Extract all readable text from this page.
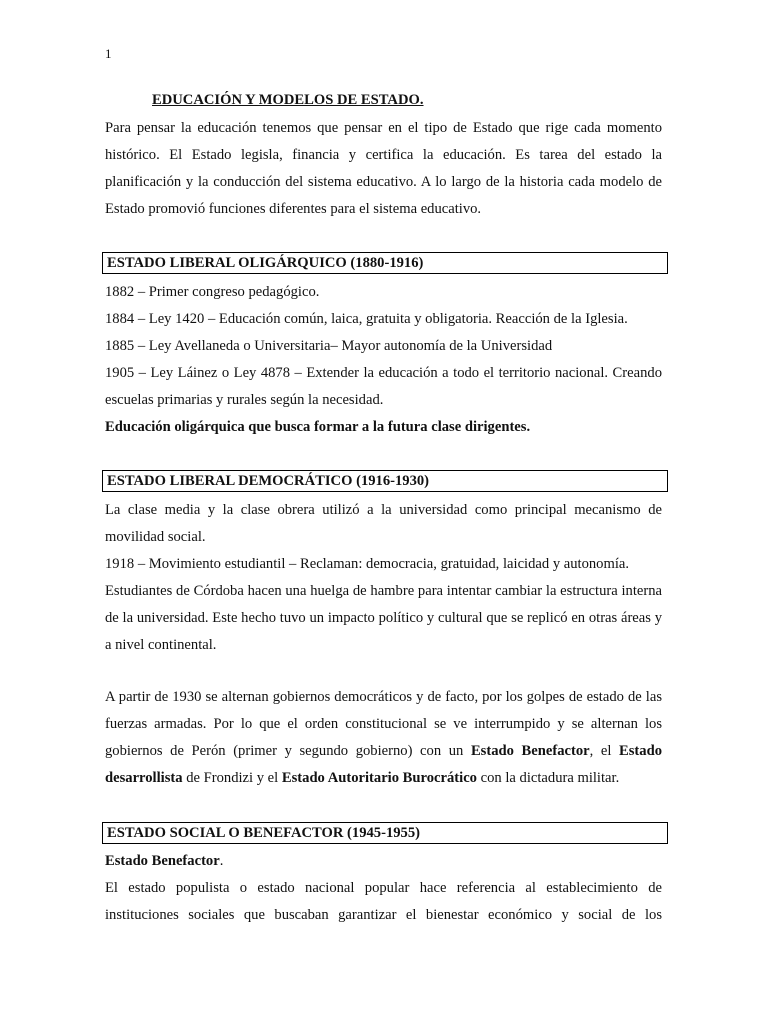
1
EDUCACIÓN Y MODELOS DE ESTADO.

Para pensar la educación tenemos que pensar en el tipo de Estado que rige cada momento histórico. El Estado legisla, financia y certifica la educación. Es tarea del estado la planificación y la conducción del sistema educativo. A lo largo de la historia cada modelo de Estado promovió funciones diferentes para el sistema educativo.

ESTADO LIBERAL OLIGÁRQUICO (1880-1916)

1882 – Primer congreso pedagógico.

1884 – Ley 1420 – Educación común, laica, gratuita y obligatoria. Reacción de la Iglesia.

1885 – Ley Avellaneda o Universitaria– Mayor autonomía de la Universidad

1905 – Ley Láinez o Ley 4878 – Extender la educación a todo el territorio nacional. Creando escuelas primarias y rurales según la necesidad.

Educación oligárquica que busca formar a la futura clase dirigentes.

ESTADO LIBERAL DEMOCRÁTICO (1916-1930)

La clase media y la clase obrera utilizó a la universidad como principal mecanismo de movilidad social.

1918 – Movimiento estudiantil – Reclaman: democracia, gratuidad, laicidad y autonomía.

Estudiantes de Córdoba hacen una huelga de hambre para intentar cambiar la estructura interna de la universidad. Este hecho tuvo un impacto político y cultural que se replicó en otras áreas y a nivel continental.

A partir de 1930 se alternan gobiernos democráticos y de facto, por los golpes de estado de las fuerzas armadas. Por lo que el orden constitucional se ve interrumpido y se alternan los gobiernos de Perón (primer y segundo gobierno) con un Estado Benefactor, el Estado desarrollista de Frondizi y el Estado Autoritario Burocrático con la dictadura militar.

ESTADO SOCIAL O BENEFACTOR (1945-1955)

Estado Benefactor.

El estado populista o estado nacional popular hace referencia al establecimiento de instituciones sociales que buscaban garantizar el bienestar económico y social de los
